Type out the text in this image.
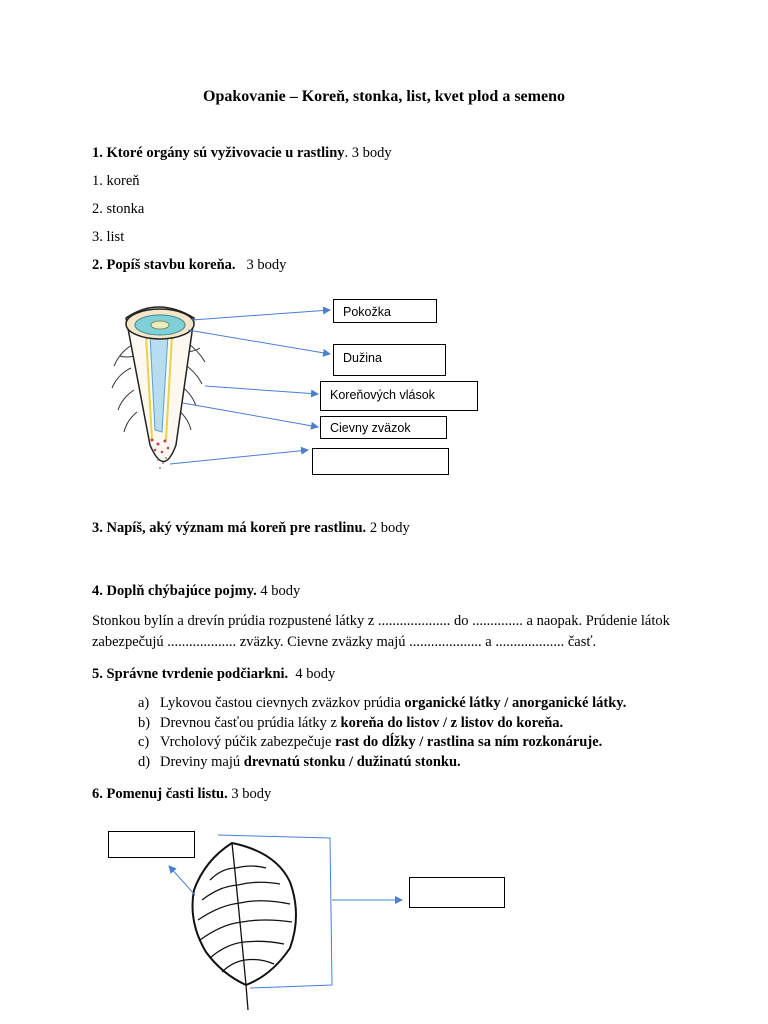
Opakovanie – Koreň, stonka, list, kvet plod a semeno
1. Ktoré orgány sú vyživovacie u rastliny. 3 body
1. koreň
2. stonka
3. list
2. Popíš stavbu koreňa. 3 body
Pokožka
Dužina
Koreňových vlások
Cievny zväzok
3. Napíš, aký význam má koreň pre rastlinu. 2 body
4. Doplň chýbajúce pojmy. 4 body
Stonkou bylín a drevín prúdia rozpustené látky z .................... do .............. a naopak. Prúdenie látok zabezpečujú ................... zväzky. Cievne zväzky majú .................... a ................... časť.
5. Správne tvrdenie podčiarkni. 4 body
a) Lykovou častou cievnych zväzkov prúdia organické látky / anorganické látky.
b) Drevnou časťou prúdia látky z koreňa do listov / z listov do koreňa.
c) Vrcholový púčik zabezpečuje rast do dĺžky / rastlina sa ním rozkonáruje.
d) Dreviny majú drevnatú stonku / dužinatú stonku.
6. Pomenuj časti listu. 3 body
